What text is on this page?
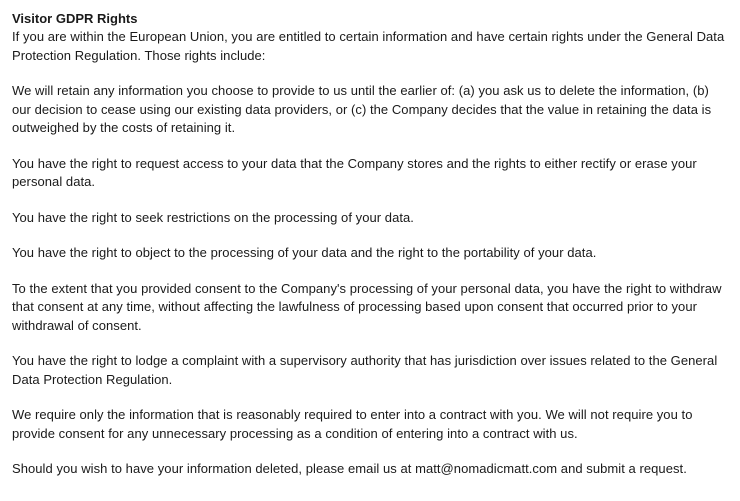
Visitor GDPR Rights

If you are within the European Union, you are entitled to certain information and have certain rights under the General Data Protection Regulation. Those rights include:

We will retain any information you choose to provide to us until the earlier of: (a) you ask us to delete the information, (b) our decision to cease using our existing data providers, or (c) the Company decides that the value in retaining the data is outweighed by the costs of retaining it.

You have the right to request access to your data that the Company stores and the rights to either rectify or erase your personal data.

You have the right to seek restrictions on the processing of your data.

You have the right to object to the processing of your data and the right to the portability of your data.

To the extent that you provided consent to the Company's processing of your personal data, you have the right to withdraw that consent at any time, without affecting the lawfulness of processing based upon consent that occurred prior to your withdrawal of consent.

You have the right to lodge a complaint with a supervisory authority that has jurisdiction over issues related to the General Data Protection Regulation.

We require only the information that is reasonably required to enter into a contract with you. We will not require you to provide consent for any unnecessary processing as a condition of entering into a contract with us.

Should you wish to have your information deleted, please email us at matt@nomadicmatt.com and submit a request.
